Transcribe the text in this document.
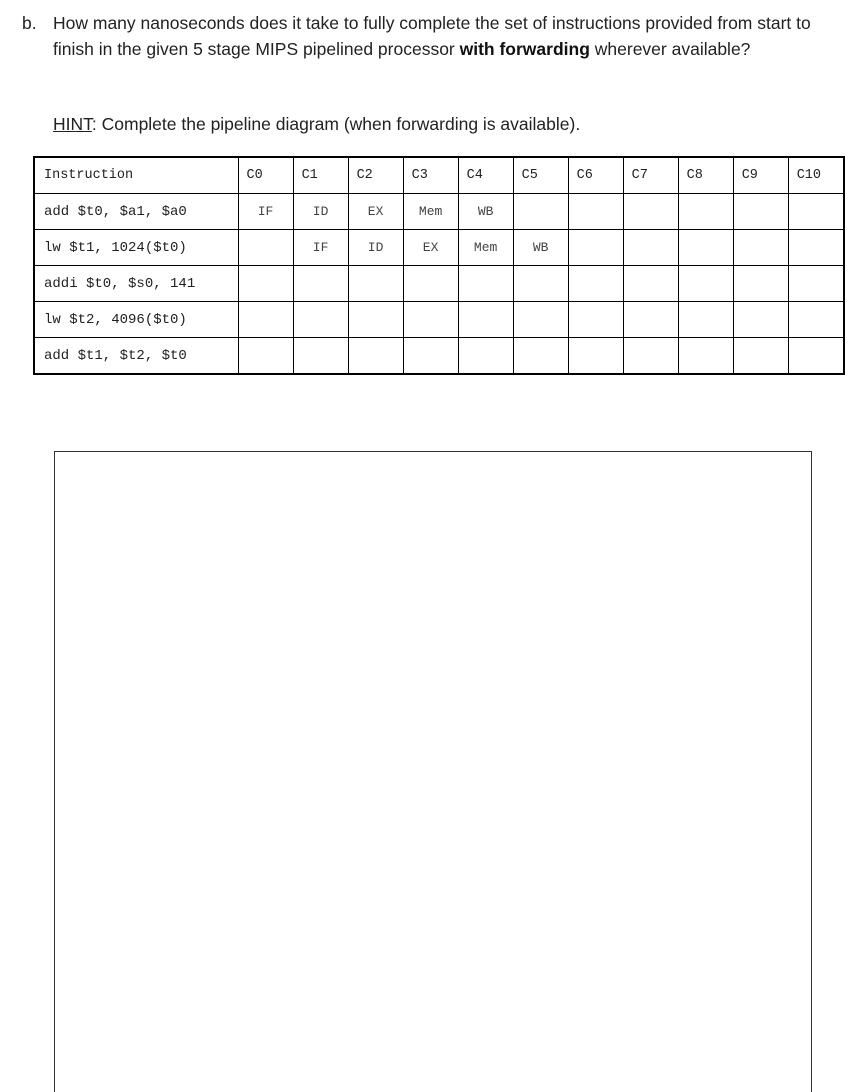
b. How many nanoseconds does it take to fully complete the set of instructions provided from start to finish in the given 5 stage MIPS pipelined processor with forwarding wherever available?
HINT: Complete the pipeline diagram (when forwarding is available).
Instruction	C0	C1	C2	C3	C4	C5	C6	C7	C8	C9	C10
add $t0, $a1, $a0	IF	ID	EX	Mem	WB						
lw $t1, 1024($t0)		IF	ID	EX	Mem	WB					
addi $t0, $s0, 141											
lw $t2, 4096($t0)											
add $t1, $t2, $t0											
